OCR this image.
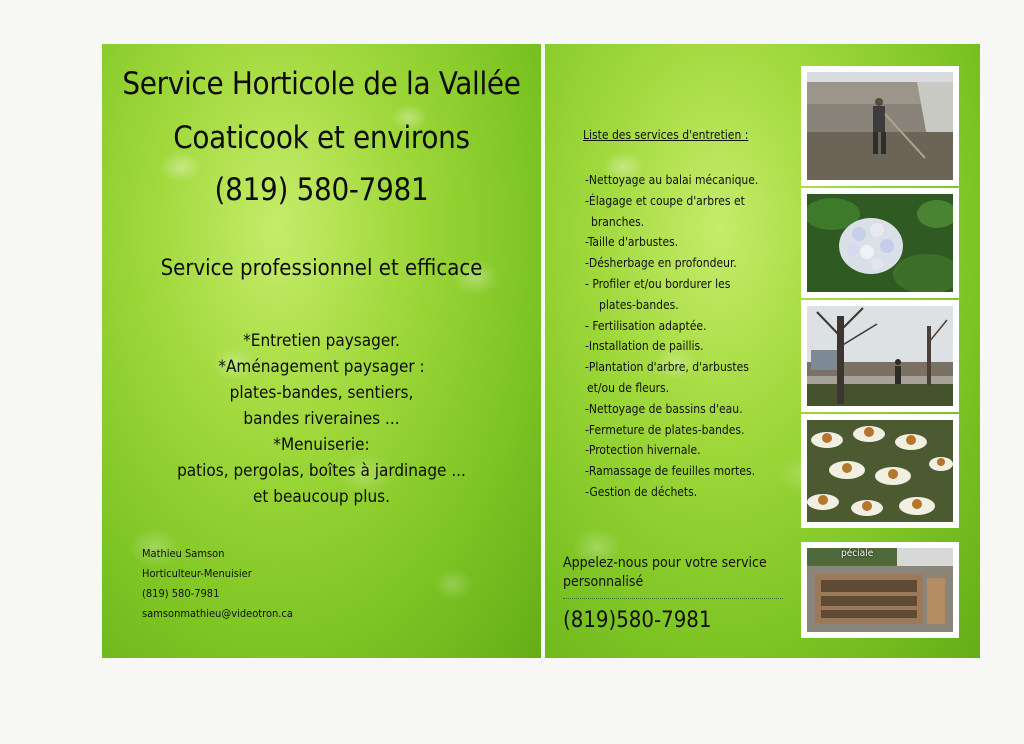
Service Horticole de la Vallée
Coaticook et environs
(819) 580-7981
Service professionnel et efficace
*Entretien paysager.
*Aménagement paysager :
plates-bandes, sentiers,
bandes riveraines ...
*Menuiserie:
patios, pergolas, boîtes à jardinage ...
et beaucoup plus.
Mathieu Samson
Horticulteur-Menuisier
(819) 580-7981
samsonmathieu@videotron.ca
Liste des services d'entretien :
-Nettoyage au balai mécanique.
-Élagage et coupe d'arbres et
branches.
-Taille d'arbustes.
-Désherbage en profondeur.
- Profiler et/ou bordurer les
plates-bandes.
- Fertilisation adaptée.
-Installation de paillis.
-Plantation d'arbre, d'arbustes
et/ou de fleurs.
-Nettoyage de bassins d'eau.
-Fermeture de plates-bandes.
-Protection hivernale.
-Ramassage de feuilles mortes.
-Gestion de déchets.
Appelez-nous pour votre service
personnalisé
(819)580-7981
péciale
